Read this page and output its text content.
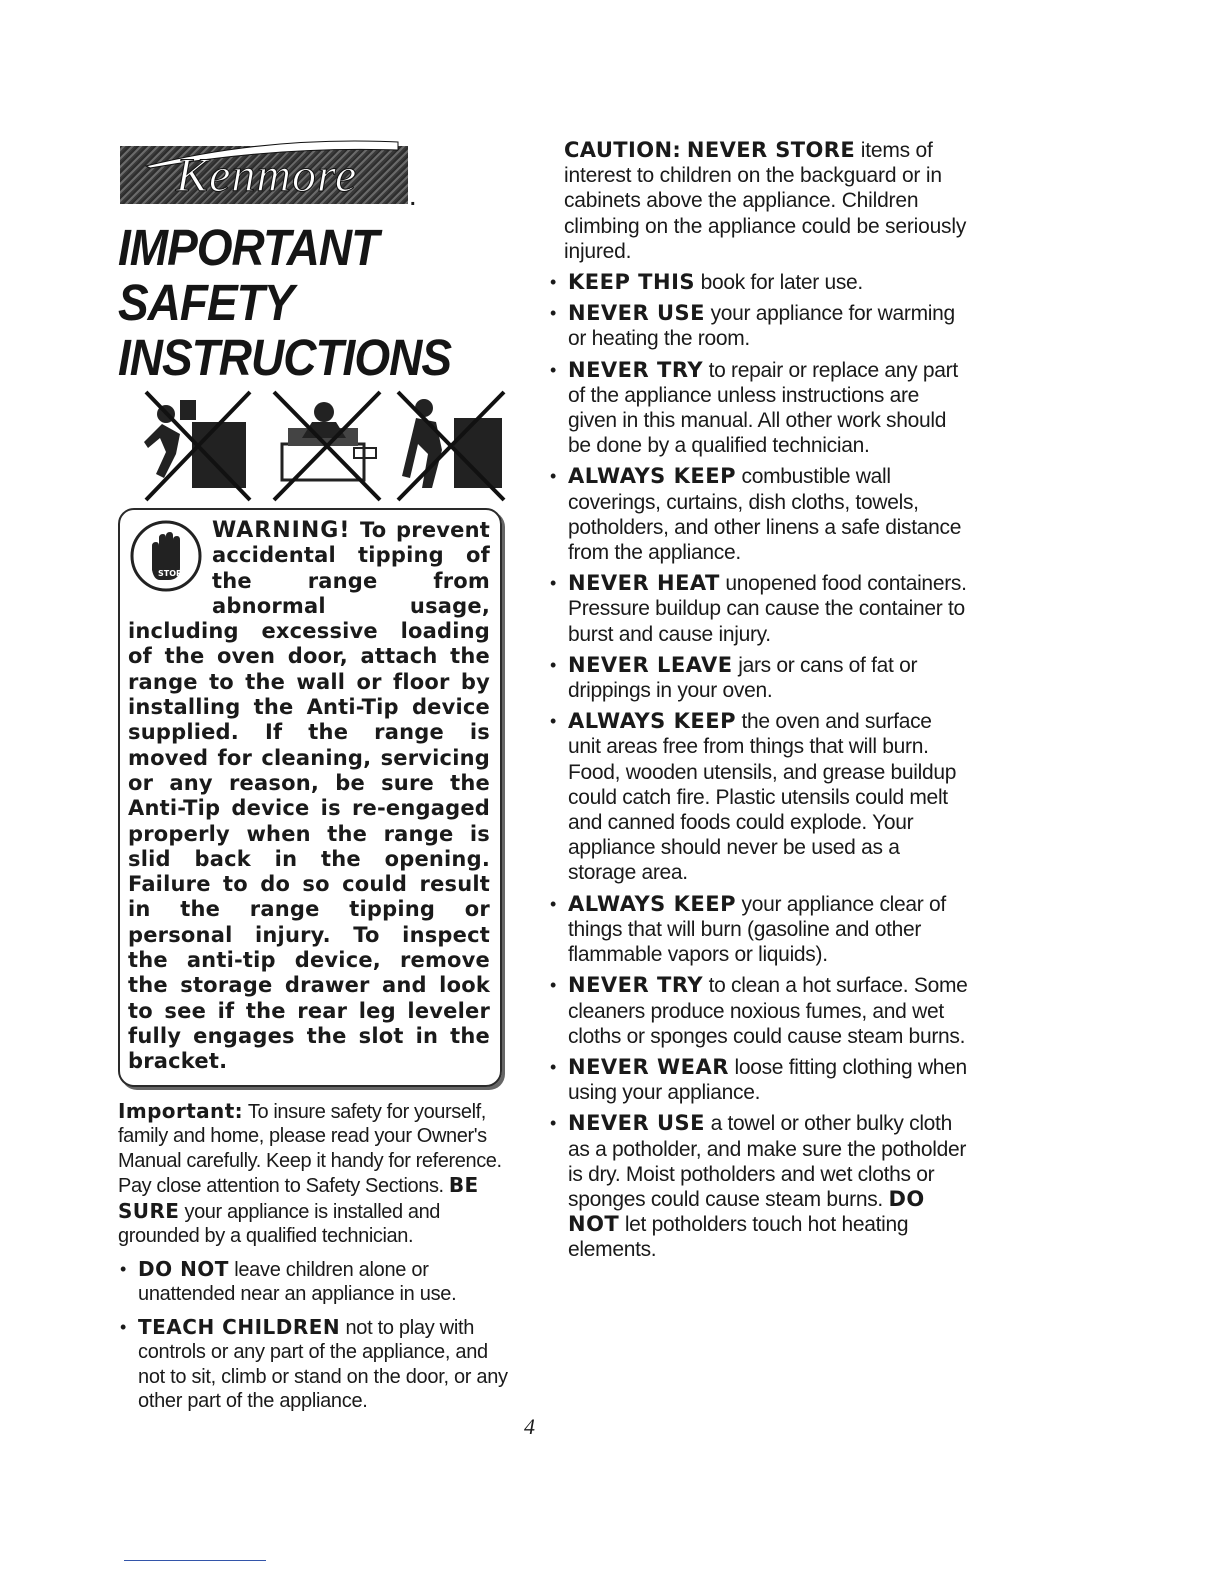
Kenmore	.
IMPORTANT SAFETY
INSTRUCTIONS
STOP

WARNING! To prevent accidental tipping of the range from abnormal usage, including excessive loading of the oven door, attach the range to the wall or floor by installing the Anti-Tip device supplied. If the range is moved for cleaning, servicing or any reason, be sure the Anti-Tip device is re-engaged properly when the range is slid back in the opening. Failure to do so could result in the range tipping or personal injury. To inspect the anti-tip device, remove the storage drawer and look to see if the rear leg leveler fully engages the slot in the bracket.

Important: To insure safety for yourself, family and home, please read your Owner's Manual carefully. Keep it handy for reference. Pay close attention to Safety Sections. BE SURE your appliance is installed and grounded by a qualified technician.

• DO NOT leave children alone or unattended near an appliance in use.
• TEACH CHILDREN not to play with controls or any part of the appliance, and not to sit, climb or stand on the door, or any other part of the appliance.

CAUTION: NEVER STORE items of interest to children on the backguard or in cabinets above the appliance. Children climbing on the appliance could be seriously injured.

• KEEP THIS book for later use.
• NEVER USE your appliance for warming or heating the room.
• NEVER TRY to repair or replace any part of the appliance unless instructions are given in this manual. All other work should be done by a qualified technician.
• ALWAYS KEEP combustible wall coverings, curtains, dish cloths, towels, potholders, and other linens a safe distance from the appliance.
• NEVER HEAT unopened food containers. Pressure buildup can cause the container to burst and cause injury.
• NEVER LEAVE jars or cans of fat or drippings in your oven.
• ALWAYS KEEP the oven and surface unit areas free from things that will burn. Food, wooden utensils, and grease buildup could catch fire. Plastic utensils could melt and canned foods could explode. Your appliance should never be used as a storage area.
• ALWAYS KEEP your appliance clear of things that will burn (gasoline and other flammable vapors or liquids).
• NEVER TRY to clean a hot surface. Some cleaners produce noxious fumes, and wet cloths or sponges could cause steam burns.
• NEVER WEAR loose fitting clothing when using your appliance.
• NEVER USE a towel or other bulky cloth as a potholder, and make sure the potholder is dry. Moist potholders and wet cloths or sponges could cause steam burns. DO NOT let potholders touch hot heating elements.
4
